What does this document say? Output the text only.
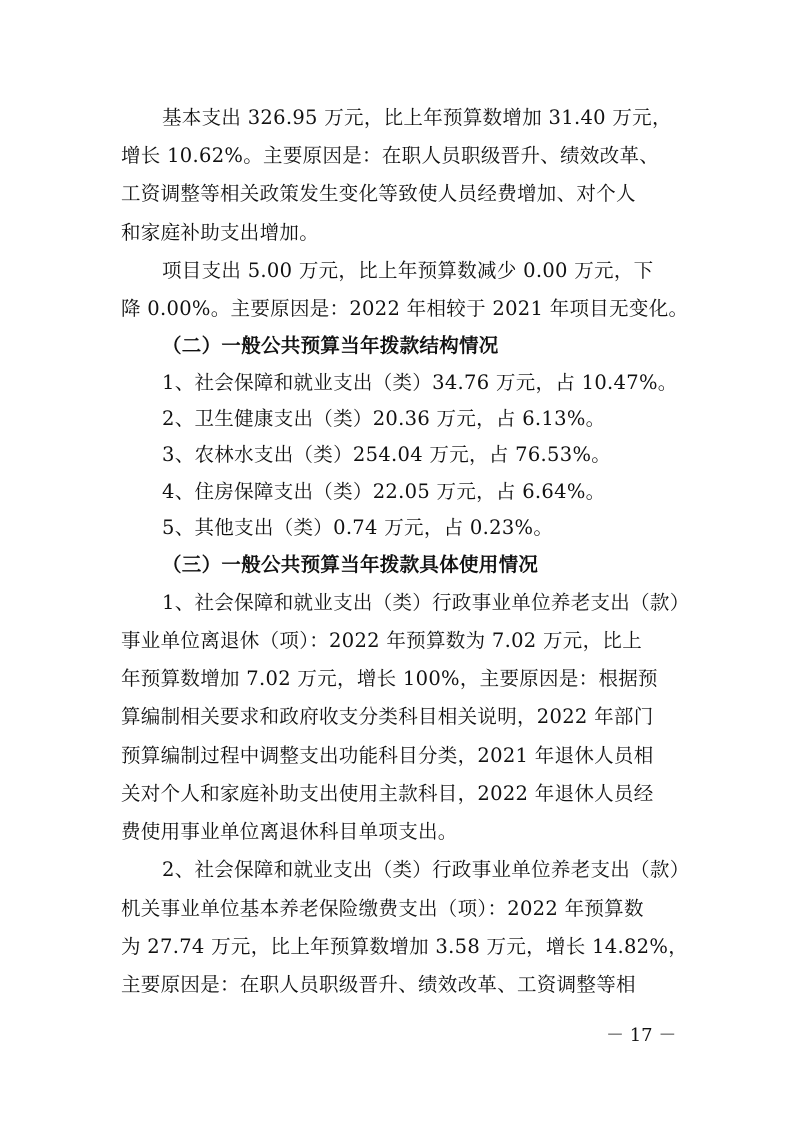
基本支出 326.95 万元，比上年预算数增加 31.40 万元，

增长 10.62%。主要原因是：在职人员职级晋升、绩效改革、

工资调整等相关政策发生变化等致使人员经费增加、对个人

和家庭补助支出增加。

项目支出 5.00 万元，比上年预算数减少 0.00 万元，下

降 0.00%。主要原因是：2022 年相较于 2021 年项目无变化。

（二）一般公共预算当年拨款结构情况

1、社会保障和就业支出（类）34.76 万元，占 10.47%。

2、卫生健康支出（类）20.36 万元，占 6.13%。

3、农林水支出（类）254.04 万元，占 76.53%。

4、住房保障支出（类）22.05 万元，占 6.64%。

5、其他支出（类）0.74 万元，占 0.23%。

（三）一般公共预算当年拨款具体使用情况

1、社会保障和就业支出（类）行政事业单位养老支出（款）

事业单位离退休（项）：2022 年预算数为 7.02 万元，比上

年预算数增加 7.02 万元，增长 100%，主要原因是：根据预

算编制相关要求和政府收支分类科目相关说明，2022 年部门

预算编制过程中调整支出功能科目分类，2021 年退休人员相

关对个人和家庭补助支出使用主款科目，2022 年退休人员经

费使用事业单位离退休科目单项支出。

2、社会保障和就业支出（类）行政事业单位养老支出（款）

机关事业单位基本养老保险缴费支出（项）：2022 年预算数

为 27.74 万元，比上年预算数增加 3.58 万元，增长 14.82%，

主要原因是：在职人员职级晋升、绩效改革、工资调整等相

－ 17 －
